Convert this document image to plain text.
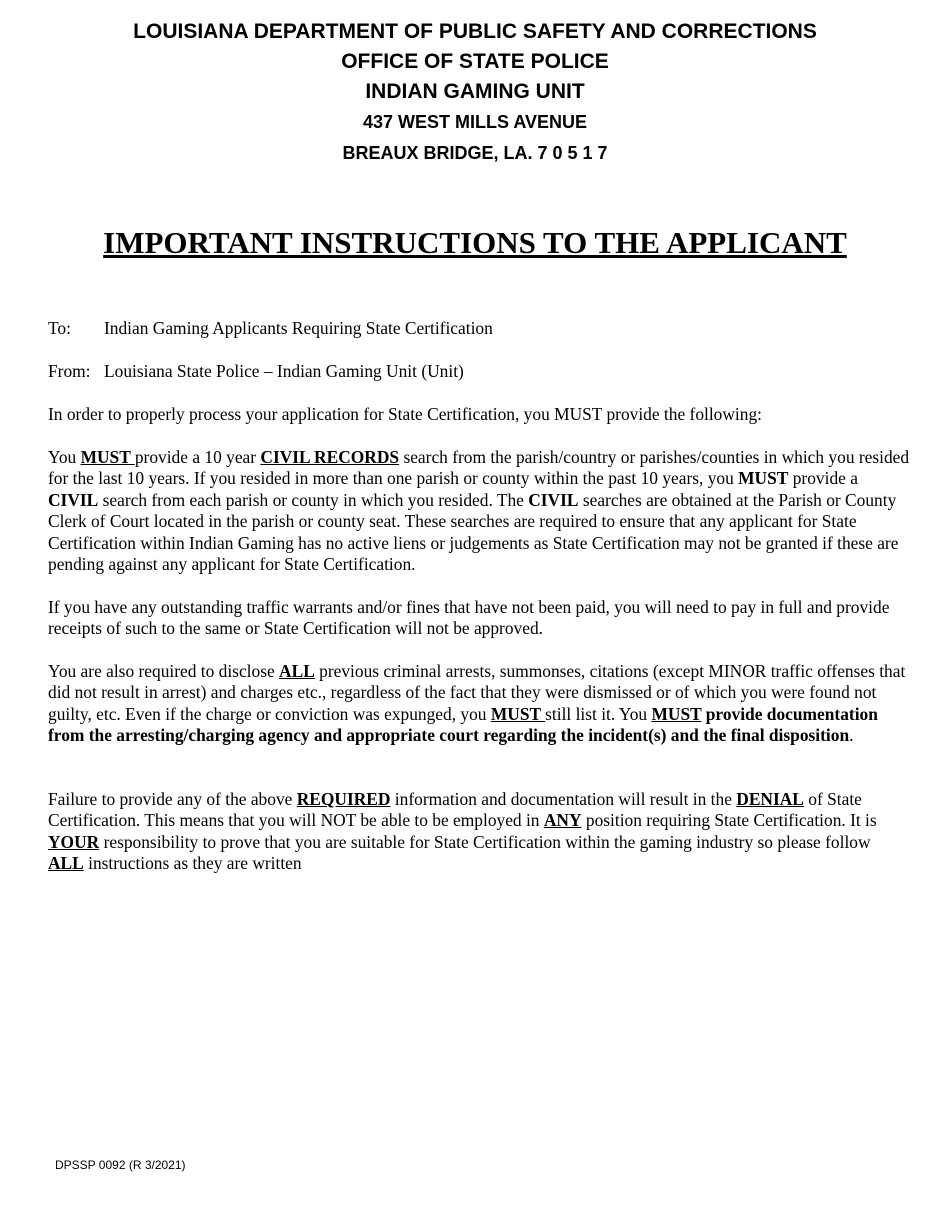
LOUISIANA DEPARTMENT OF PUBLIC SAFETY AND CORRECTIONS
OFFICE OF STATE POLICE
INDIAN GAMING UNIT
437 WEST MILLS AVENUE
BREAUX BRIDGE, LA. 7 0 5 1 7
IMPORTANT INSTRUCTIONS TO THE APPLICANT
To: Indian Gaming Applicants Requiring State Certification
From: Louisiana State Police – Indian Gaming Unit (Unit)
In order to properly process your application for State Certification, you MUST provide the following:
You MUST provide a 10 year CIVIL RECORDS search from the parish/country or parishes/counties in which you resided for the last 10 years. If you resided in more than one parish or county within the past 10 years, you MUST provide a CIVIL search from each parish or county in which you resided. The CIVIL searches are obtained at the Parish or County Clerk of Court located in the parish or county seat. These searches are required to ensure that any applicant for State Certification within Indian Gaming has no active liens or judgements as State Certification may not be granted if these are pending against any applicant for State Certification.
If you have any outstanding traffic warrants and/or fines that have not been paid, you will need to pay in full and provide receipts of such to the same or State Certification will not be approved.
You are also required to disclose ALL previous criminal arrests, summonses, citations (except MINOR traffic offenses that did not result in arrest) and charges etc., regardless of the fact that they were dismissed or of which you were found not guilty, etc. Even if the charge or conviction was expunged, you MUST still list it. You MUST provide documentation from the arresting/charging agency and appropriate court regarding the incident(s) and the final disposition.
Failure to provide any of the above REQUIRED information and documentation will result in the DENIAL of State Certification. This means that you will NOT be able to be employed in ANY position requiring State Certification. It is YOUR responsibility to prove that you are suitable for State Certification within the gaming industry so please follow ALL instructions as they are written
DPSSP 0092 (R 3/2021)
